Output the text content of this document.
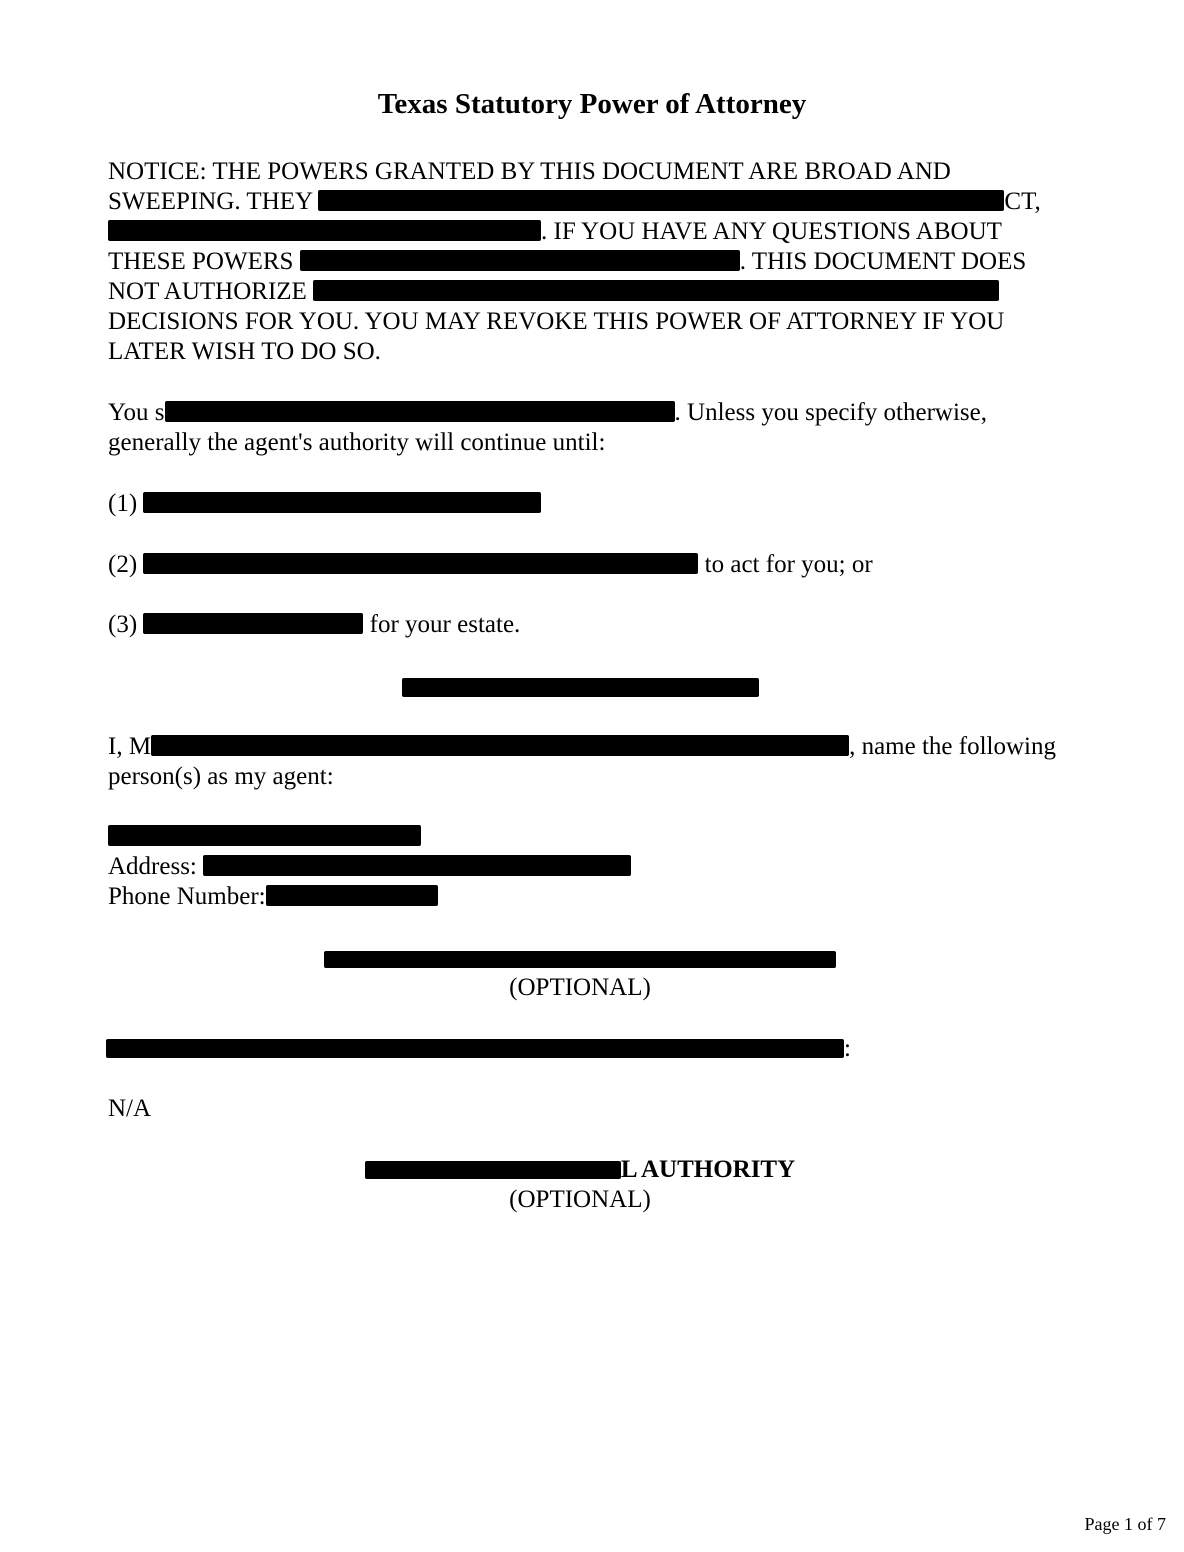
Texas Statutory Power of Attorney
NOTICE: THE POWERS GRANTED BY THIS DOCUMENT ARE BROAD AND
SWEEPING. THEY	CT,
. IF YOU HAVE ANY QUESTIONS ABOUT
THESE POWERS	. THIS DOCUMENT DOES
NOT AUTHORIZE
DECISIONS FOR YOU. YOU MAY REVOKE THIS POWER OF ATTORNEY IF YOU
LATER WISH TO DO SO.
You s	. Unless you specify otherwise,
generally the agent's authority will continue until:
(1)
(2)	to act for you; or
(3)	for your estate.
I, M	, name the following
person(s) as my agent:
Address:
Phone Number:
(OPTIONAL)
:
N/A
L AUTHORITY
(OPTIONAL)
Page 1 of 7
